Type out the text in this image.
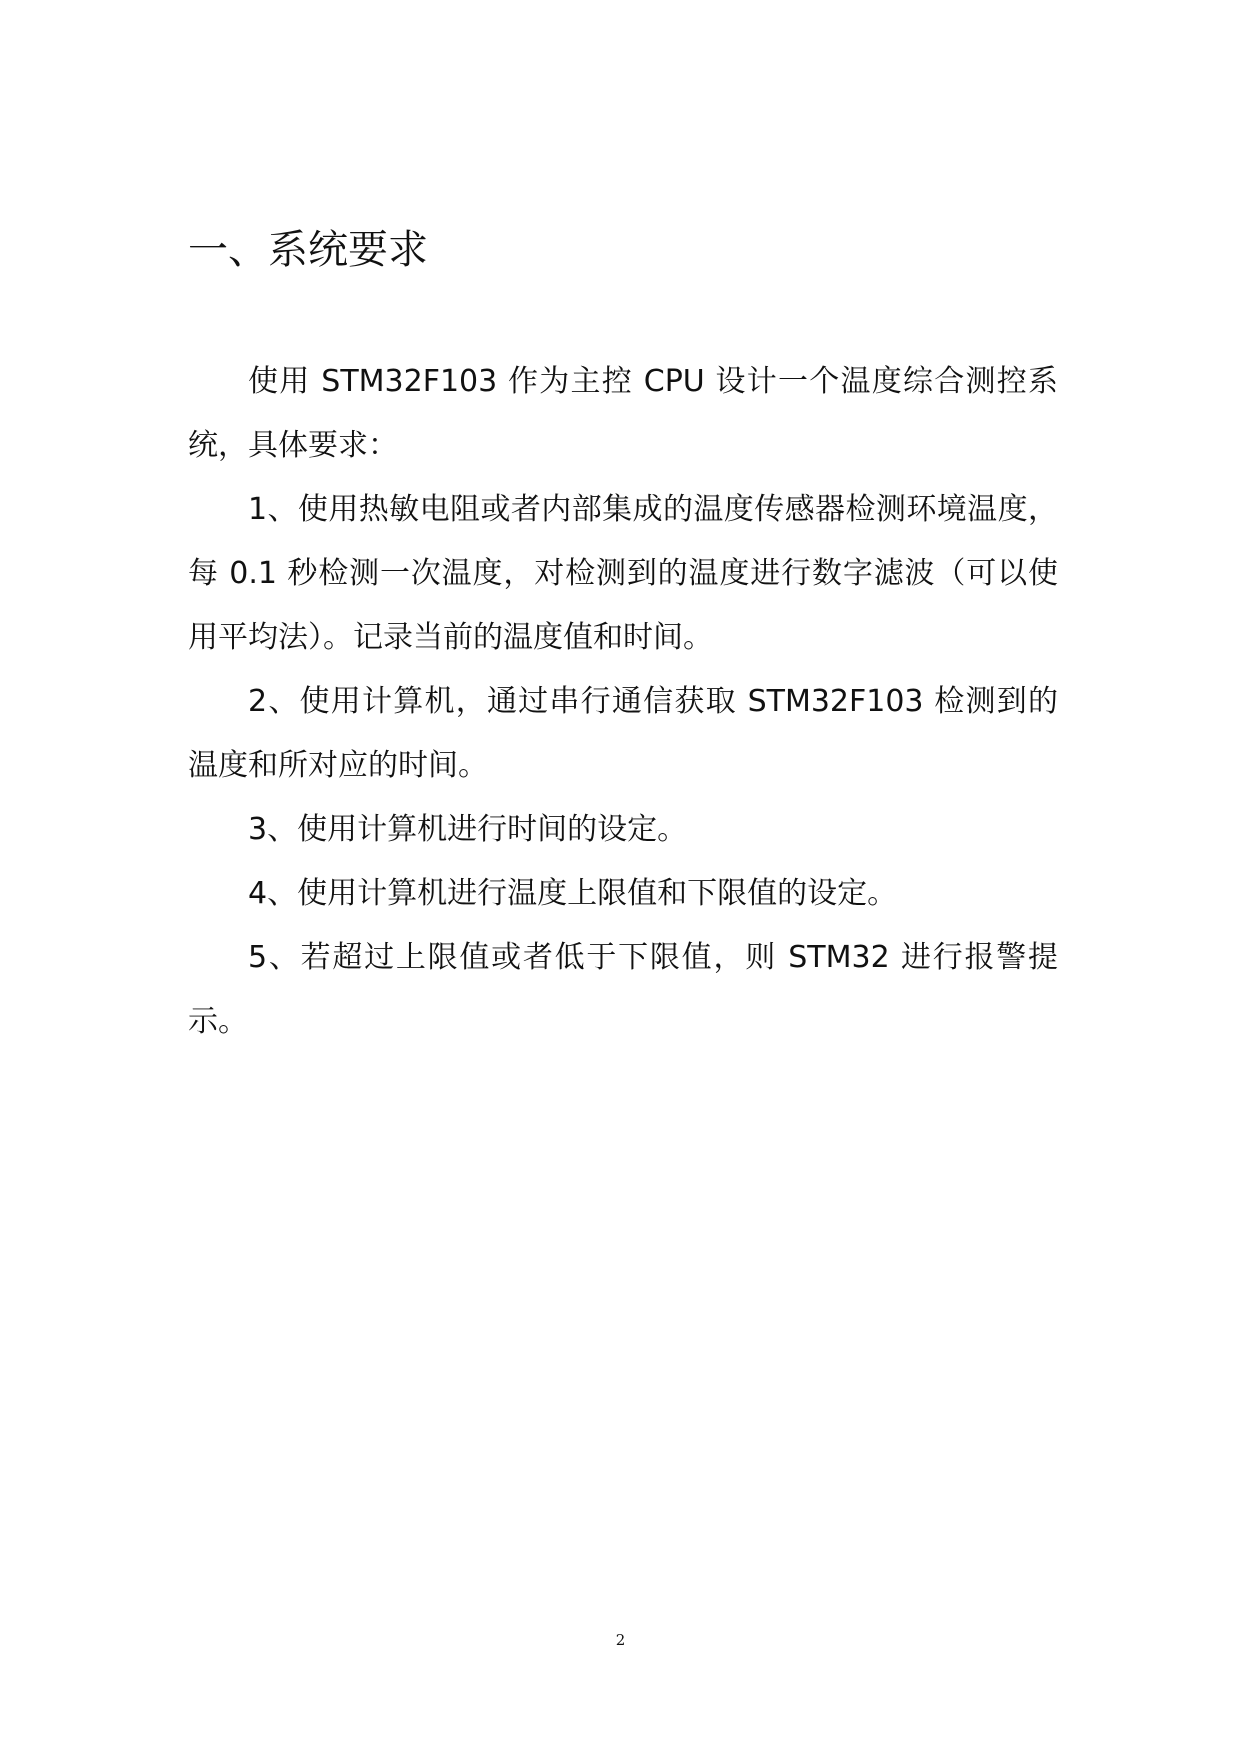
一、系统要求

使用 STM32F103 作为主控 CPU 设计一个温度综合测控系统，具体要求：

1、使用热敏电阻或者内部集成的温度传感器检测环境温度，每 0.1 秒检测一次温度，对检测到的温度进行数字滤波（可以使用平均法）。记录当前的温度值和时间。

2、使用计算机，通过串行通信获取 STM32F103 检测到的温度和所对应的时间。

3、使用计算机进行时间的设定。

4、使用计算机进行温度上限值和下限值的设定。

5、若超过上限值或者低于下限值，则 STM32 进行报警提示。

2
